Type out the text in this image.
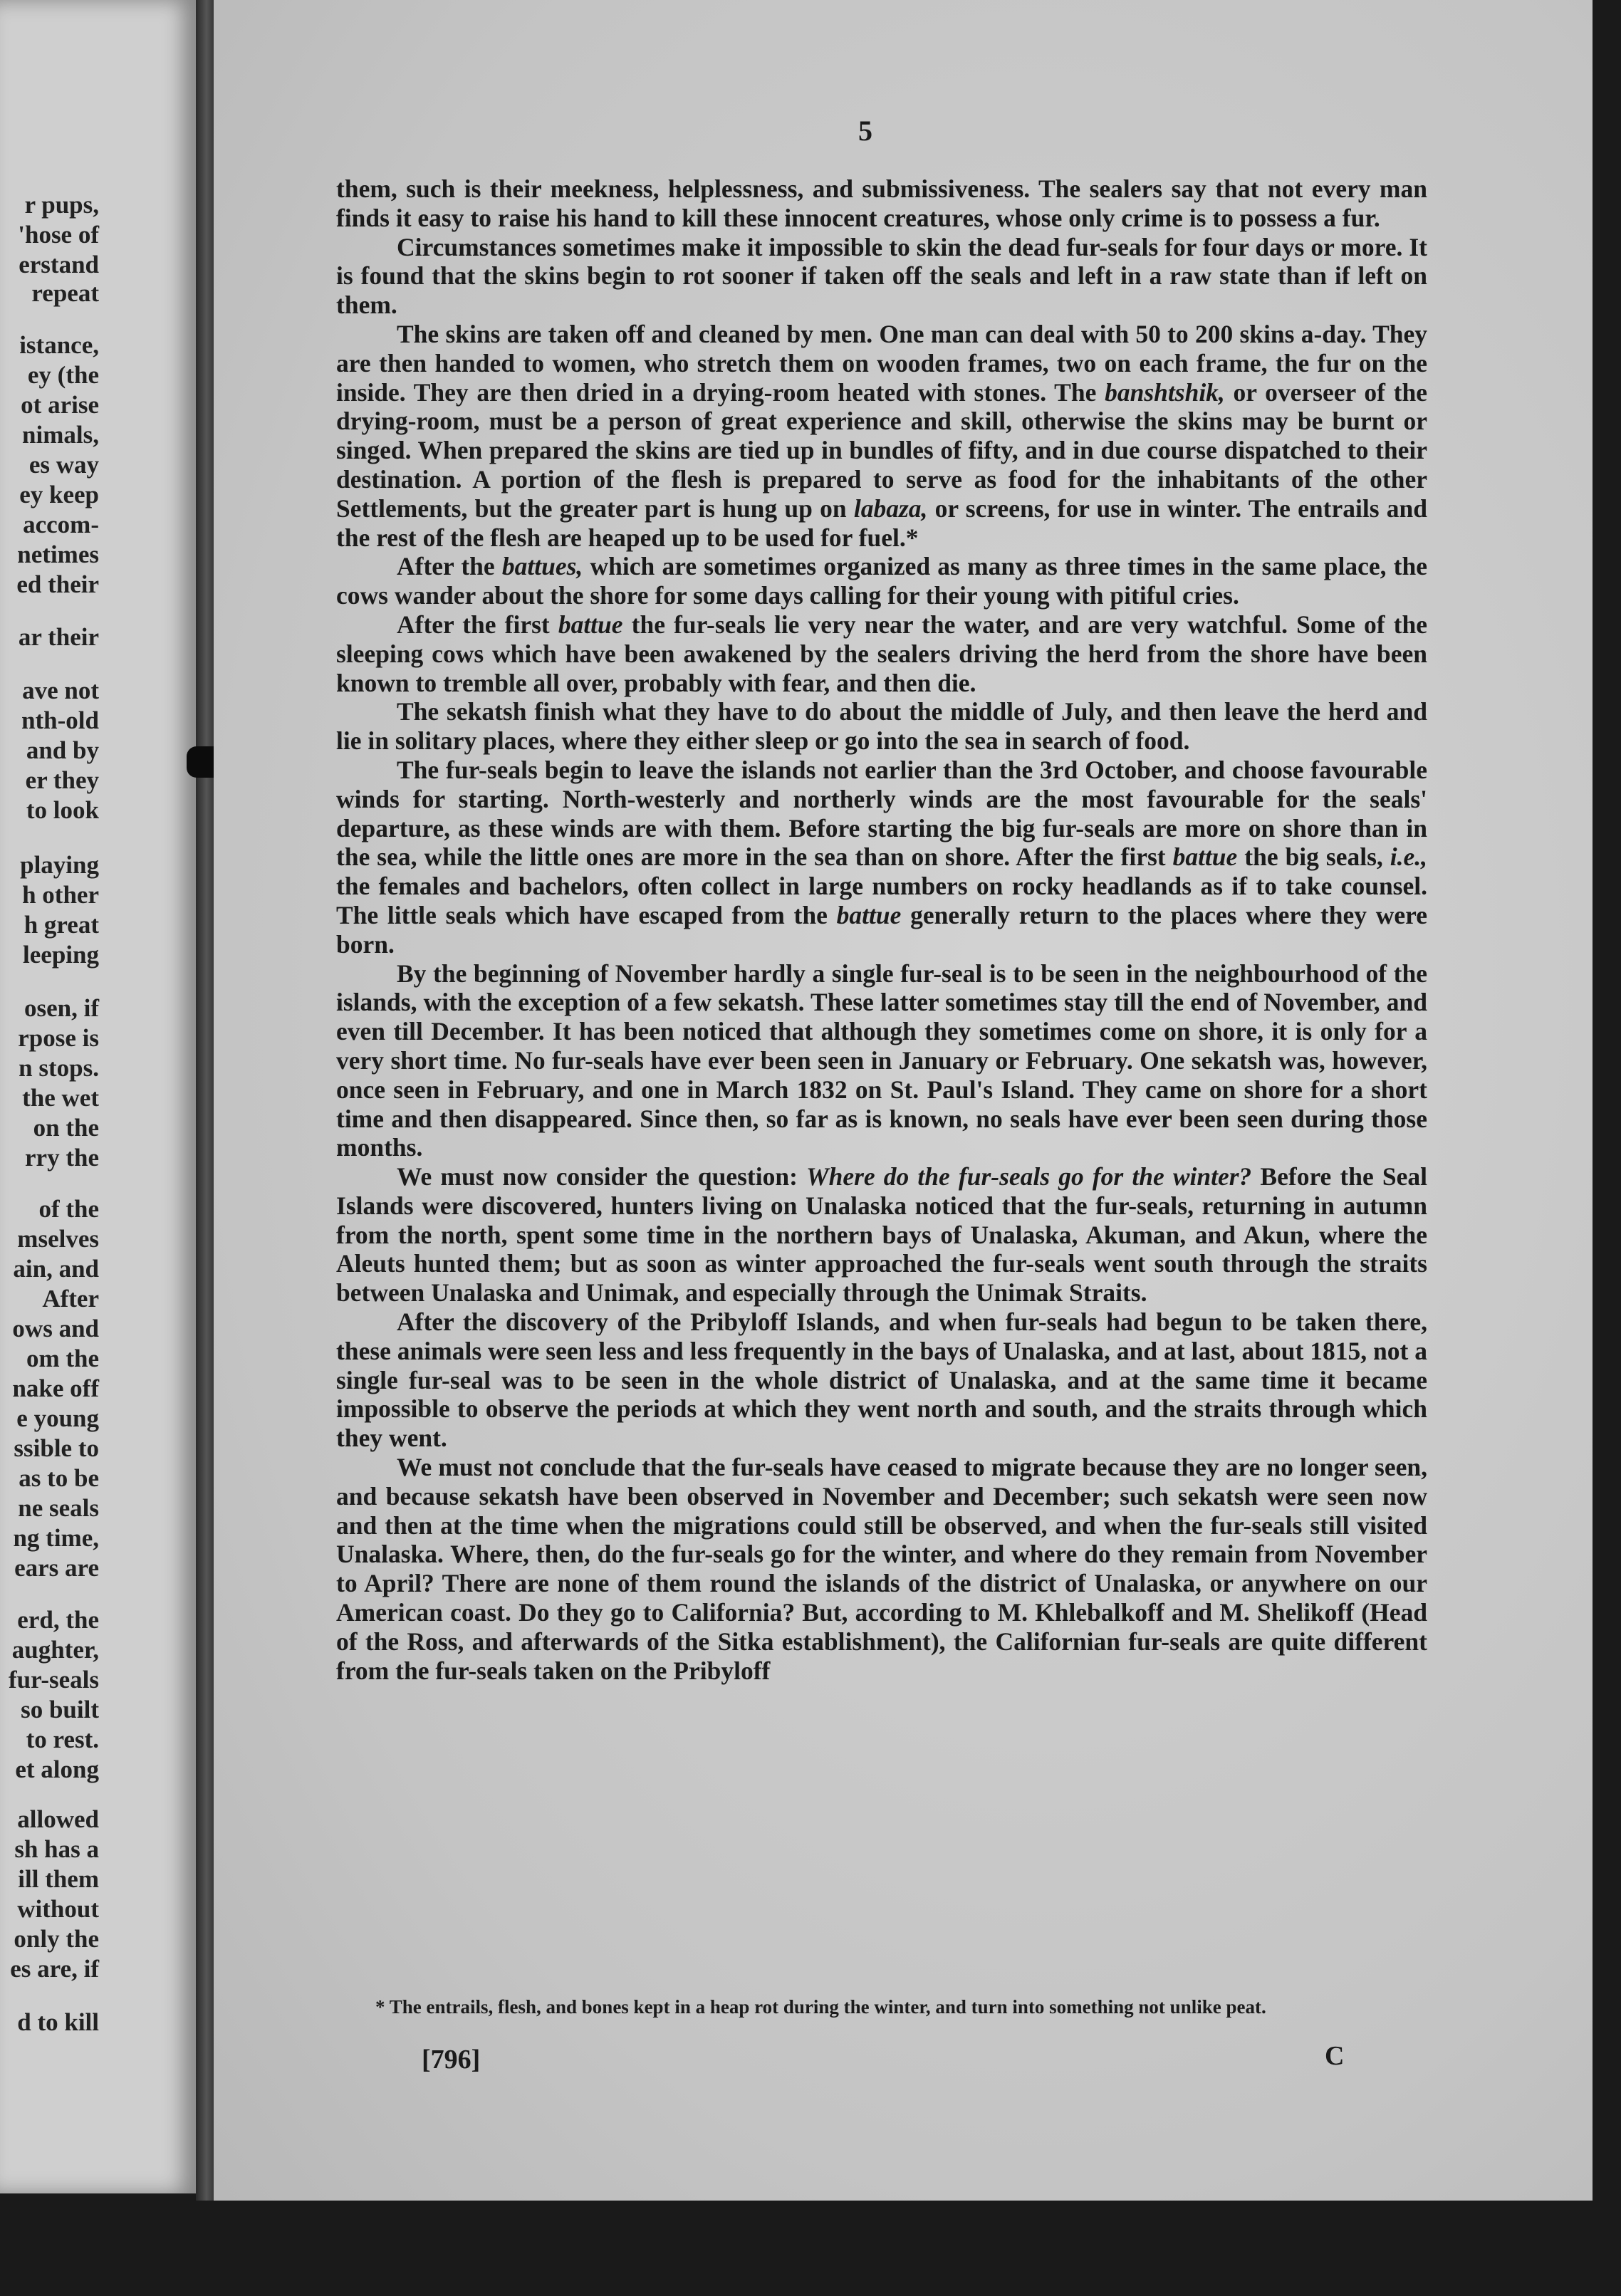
r pups,
'hose of
erstand
repeat
istance,
ey (the
ot arise
nimals,
es way
ey keep
accom-
netimes
ed their
ar their
ave not
nth-old
and by
er they
to look
playing
h other
h great
leeping
osen, if
rpose is
n stops.
the wet
on the
rry the
of the
mselves
ain, and
After
ows and
om the
nake off
e young
ssible to
as to be
ne seals
ng time,
ears are
erd, the
aughter,
fur-seals
so built
to rest.
et along
allowed
sh has a
ill them
without
only the
es are, if
d to kill
5

them, such is their meekness, helplessness, and submissiveness. The sealers say that not every man finds it easy to raise his hand to kill these innocent creatures, whose only crime is to possess a fur.

Circumstances sometimes make it impossible to skin the dead fur-seals for four days or more. It is found that the skins begin to rot sooner if taken off the seals and left in a raw state than if left on them.

The skins are taken off and cleaned by men. One man can deal with 50 to 200 skins a-day. They are then handed to women, who stretch them on wooden frames, two on each frame, the fur on the inside. They are then dried in a drying-room heated with stones. The banshtshik, or overseer of the drying-room, must be a person of great experience and skill, otherwise the skins may be burnt or singed. When prepared the skins are tied up in bundles of fifty, and in due course dispatched to their destination. A portion of the flesh is prepared to serve as food for the inhabitants of the other Settlements, but the greater part is hung up on labaza, or screens, for use in winter. The entrails and the rest of the flesh are heaped up to be used for fuel.*

After the battues, which are sometimes organized as many as three times in the same place, the cows wander about the shore for some days calling for their young with pitiful cries.

After the first battue the fur-seals lie very near the water, and are very watchful. Some of the sleeping cows which have been awakened by the sealers driving the herd from the shore have been known to tremble all over, probably with fear, and then die.

The sekatsh finish what they have to do about the middle of July, and then leave the herd and lie in solitary places, where they either sleep or go into the sea in search of food.

The fur-seals begin to leave the islands not earlier than the 3rd October, and choose favourable winds for starting. North-westerly and northerly winds are the most favourable for the seals' departure, as these winds are with them. Before starting the big fur-seals are more on shore than in the sea, while the little ones are more in the sea than on shore. After the first battue the big seals, i.e., the females and bachelors, often collect in large numbers on rocky headlands as if to take counsel. The little seals which have escaped from the battue generally return to the places where they were born.

By the beginning of November hardly a single fur-seal is to be seen in the neighbourhood of the islands, with the exception of a few sekatsh. These latter sometimes stay till the end of November, and even till December. It has been noticed that although they sometimes come on shore, it is only for a very short time. No fur-seals have ever been seen in January or February. One sekatsh was, however, once seen in February, and one in March 1832 on St. Paul's Island. They came on shore for a short time and then disappeared. Since then, so far as is known, no seals have ever been seen during those months.

We must now consider the question: Where do the fur-seals go for the winter? Before the Seal Islands were discovered, hunters living on Unalaska noticed that the fur-seals, returning in autumn from the north, spent some time in the northern bays of Unalaska, Akuman, and Akun, where the Aleuts hunted them; but as soon as winter approached the fur-seals went south through the straits between Unalaska and Unimak, and especially through the Unimak Straits.

After the discovery of the Pribyloff Islands, and when fur-seals had begun to be taken there, these animals were seen less and less frequently in the bays of Unalaska, and at last, about 1815, not a single fur-seal was to be seen in the whole district of Unalaska, and at the same time it became impossible to observe the periods at which they went north and south, and the straits through which they went.

We must not conclude that the fur-seals have ceased to migrate because they are no longer seen, and because sekatsh have been observed in November and December; such sekatsh were seen now and then at the time when the migrations could still be observed, and when the fur-seals still visited Unalaska. Where, then, do the fur-seals go for the winter, and where do they remain from November to April? There are none of them round the islands of the district of Unalaska, or anywhere on our American coast. Do they go to California? But, according to M. Khlebalkoff and M. Shelikoff (Head of the Ross, and afterwards of the Sitka establishment), the Californian fur-seals are quite different from the fur-seals taken on the Pribyloff

* The entrails, flesh, and bones kept in a heap rot during the winter, and turn into something not unlike peat.
[796]	C
